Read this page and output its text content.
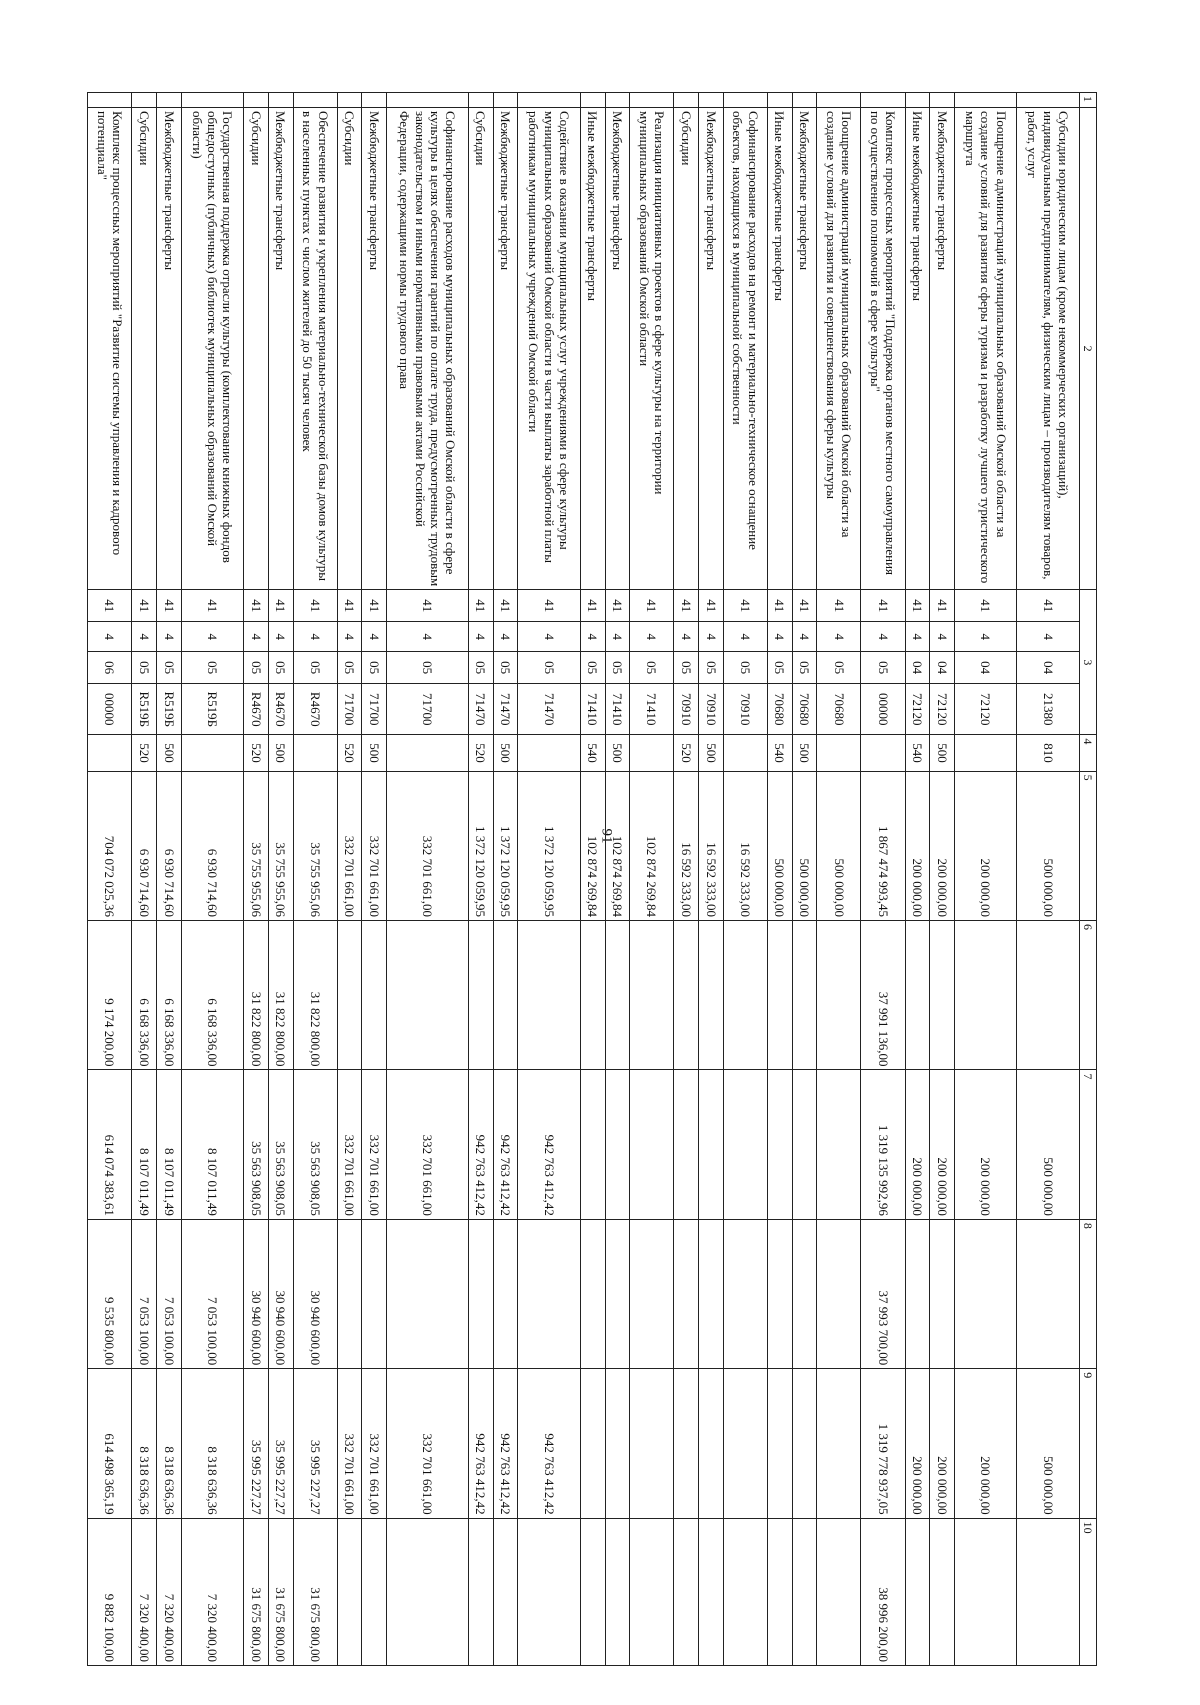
91
1	2	3				4	5	6	7	8	9	10
	Субсидии юридическим лицам (кроме некоммерческих организаций), индивидуальным предпринимателям, физическим лицам – производителям товаров, работ, услуг	41	4	04	21380	810	500 000,00		500 000,00		500 000,00	
	Поощрение администраций муниципальных образований Омской области за создание условий для развития сферы туризма и разработку лучшего туристического маршрута	41	4	04	72120		200 000,00		200 000,00		200 000,00	
	Межбюджетные трансферты	41	4	04	72120	500	200 000,00		200 000,00		200 000,00	
	Иные межбюджетные трансферты	41	4	04	72120	540	200 000,00		200 000,00		200 000,00	
	Комплекс процессных мероприятий "Поддержка органов местного самоуправления по осуществлению полномочий в сфере культуры"	41	4	05	00000		1 867 474 993,45	37 991 136,00	1 319 135 992,96	37 993 700,00	1 319 778 937,05	38 996 200,00
	Поощрение администраций муниципальных образований Омской области за создание условий для развития и совершенствования сферы культуры	41	4	05	70680		500 000,00					
	Межбюджетные трансферты	41	4	05	70680	500	500 000,00					
	Иные межбюджетные трансферты	41	4	05	70680	540	500 000,00					
	Софинансирование расходов на ремонт и материально-техническое оснащение объектов, находящихся в муниципальной собственности	41	4	05	70910		16 592 333,00					
	Межбюджетные трансферты	41	4	05	70910	500	16 592 333,00					
	Субсидии	41	4	05	70910	520	16 592 333,00					
	Реализация инициативных проектов в сфере культуры на территории муниципальных образований Омской области	41	4	05	71410		102 874 269,84					
	Межбюджетные трансферты	41	4	05	71410	500	102 874 269,84					
	Иные межбюджетные трансферты	41	4	05	71410	540	102 874 269,84					
	Содействие в оказании муниципальных услуг учреждениями в сфере культуры муниципальных образований Омской области в части выплаты заработной платы работникам муниципальных учреждений Омской области	41	4	05	71470		1 372 120 059,95		942 763 412,42		942 763 412,42	
	Межбюджетные трансферты	41	4	05	71470	500	1 372 120 059,95		942 763 412,42		942 763 412,42	
	Субсидии	41	4	05	71470	520	1 372 120 059,95		942 763 412,42		942 763 412,42	
	Софинансирование расходов муниципальных образований Омской области в сфере культуры в целях обеспечения гарантий по оплате труда, предусмотренных трудовым законодательством и иными нормативными правовыми актами Российской Федерации, содержащими нормы трудового права	41	4	05	71700		332 701 661,00		332 701 661,00		332 701 661,00	
	Межбюджетные трансферты	41	4	05	71700	500	332 701 661,00		332 701 661,00		332 701 661,00	
	Субсидии	41	4	05	71700	520	332 701 661,00		332 701 661,00		332 701 661,00	
	Обеспечение развития и укрепления материально-технической базы домов культуры в населенных пунктах с числом жителей до 50 тысяч человек	41	4	05	R4670		35 755 955,06	31 822 800,00	35 563 908,05	30 940 600,00	35 995 227,27	31 675 800,00
	Межбюджетные трансферты	41	4	05	R4670	500	35 755 955,06	31 822 800,00	35 563 908,05	30 940 600,00	35 995 227,27	31 675 800,00
	Субсидии	41	4	05	R4670	520	35 755 955,06	31 822 800,00	35 563 908,05	30 940 600,00	35 995 227,27	31 675 800,00
	Государственная поддержка отрасли культуры (комплектование книжных фондов общедоступных (публичных) библиотек муниципальных образований Омской области)	41	4	05	R519Б		6 930 714,60	6 168 336,00	8 107 011,49	7 053 100,00	8 318 636,36	7 320 400,00
	Межбюджетные трансферты	41	4	05	R519Б	500	6 930 714,60	6 168 336,00	8 107 011,49	7 053 100,00	8 318 636,36	7 320 400,00
	Субсидии	41	4	05	R519Б	520	6 930 714,60	6 168 336,00	8 107 011,49	7 053 100,00	8 318 636,36	7 320 400,00
	Комплекс процессных мероприятий "Развитие системы управления и кадрового потенциала"	41	4	06	00000		704 072 025,36	9 174 200,00	614 074 383,61	9 535 800,00	614 498 365,19	9 882 100,00
